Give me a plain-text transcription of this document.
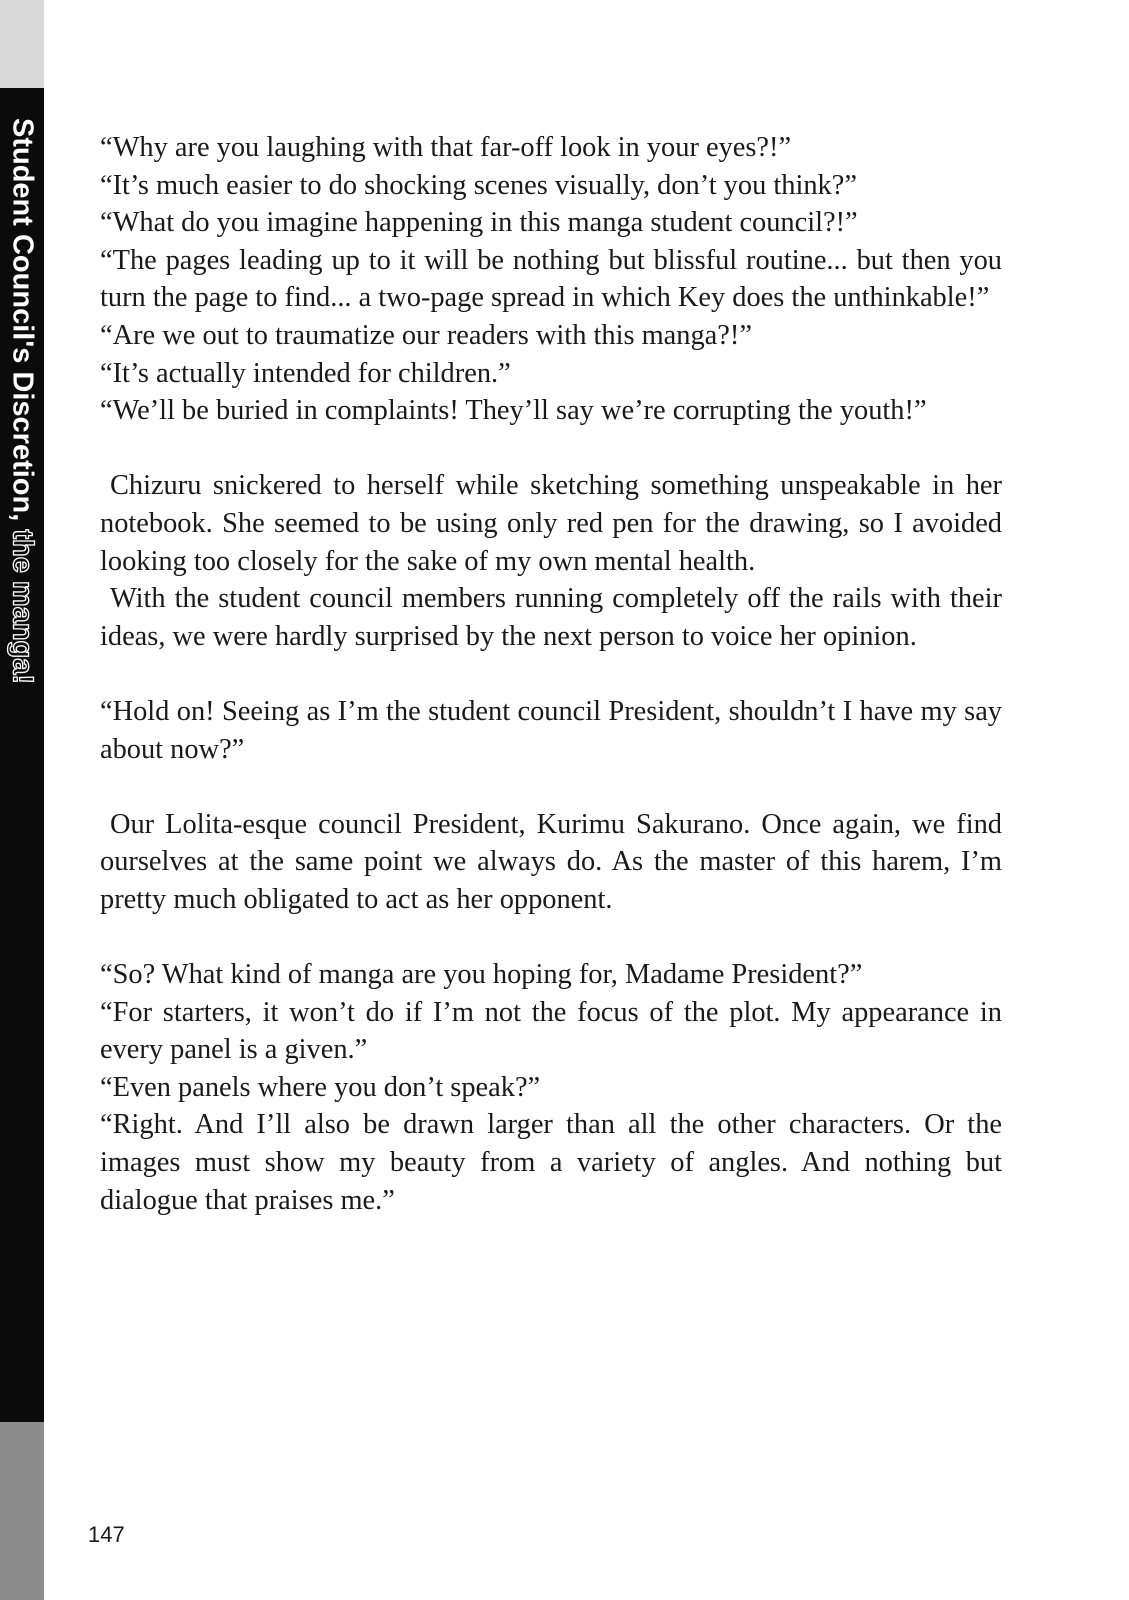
Student Council's Discretion, the manga!

“Why are you laughing with that far-off look in your eyes?!”

“It’s much easier to do shocking scenes visually, don’t you think?”

“What do you imagine happening in this manga student council?!”

“The pages leading up to it will be nothing but blissful routine... but then you turn the page to find... a two-page spread in which Key does the unthinkable!”

“Are we out to traumatize our readers with this manga?!”

“It’s actually intended for children.”

“We’ll be buried in complaints! They’ll say we’re corrupting the youth!”

Chizuru snickered to herself while sketching something unspeakable in her notebook. She seemed to be using only red pen for the drawing, so I avoided looking too closely for the sake of my own mental health.

With the student council members running completely off the rails with their ideas, we were hardly surprised by the next person to voice her opinion.

“Hold on! Seeing as I’m the student council President, shouldn’t I have my say about now?”

Our Lolita-esque council President, Kurimu Sakurano. Once again, we find ourselves at the same point we always do. As the master of this harem, I’m pretty much obligated to act as her opponent.

“So? What kind of manga are you hoping for, Madame President?”

“For starters, it won’t do if I’m not the focus of the plot. My appearance in every panel is a given.”

“Even panels where you don’t speak?”

“Right. And I’ll also be drawn larger than all the other characters. Or the images must show my beauty from a variety of angles. And nothing but dialogue that praises me.”

147
